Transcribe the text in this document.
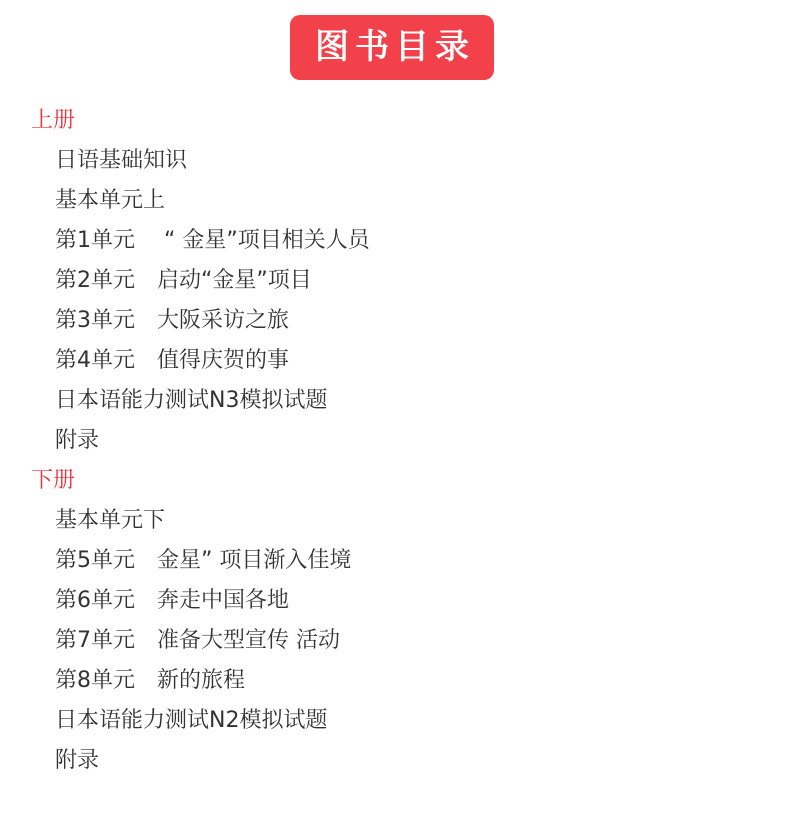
图书目录
上册
日语基础知识
基本单元上
第1单元　 “ 金星”项目相关人员
第2单元　启动“金星”项目
第3单元　大阪采访之旅
第4单元　值得庆贺的事
日本语能力测试N3模拟试题
附录
下册
基本单元下
第5单元　金星” 项目渐入佳境
第6单元　奔走中国各地
第7单元　准备大型宣传 活动
第8单元　新的旅程
日本语能力测试N2模拟试题
附录
